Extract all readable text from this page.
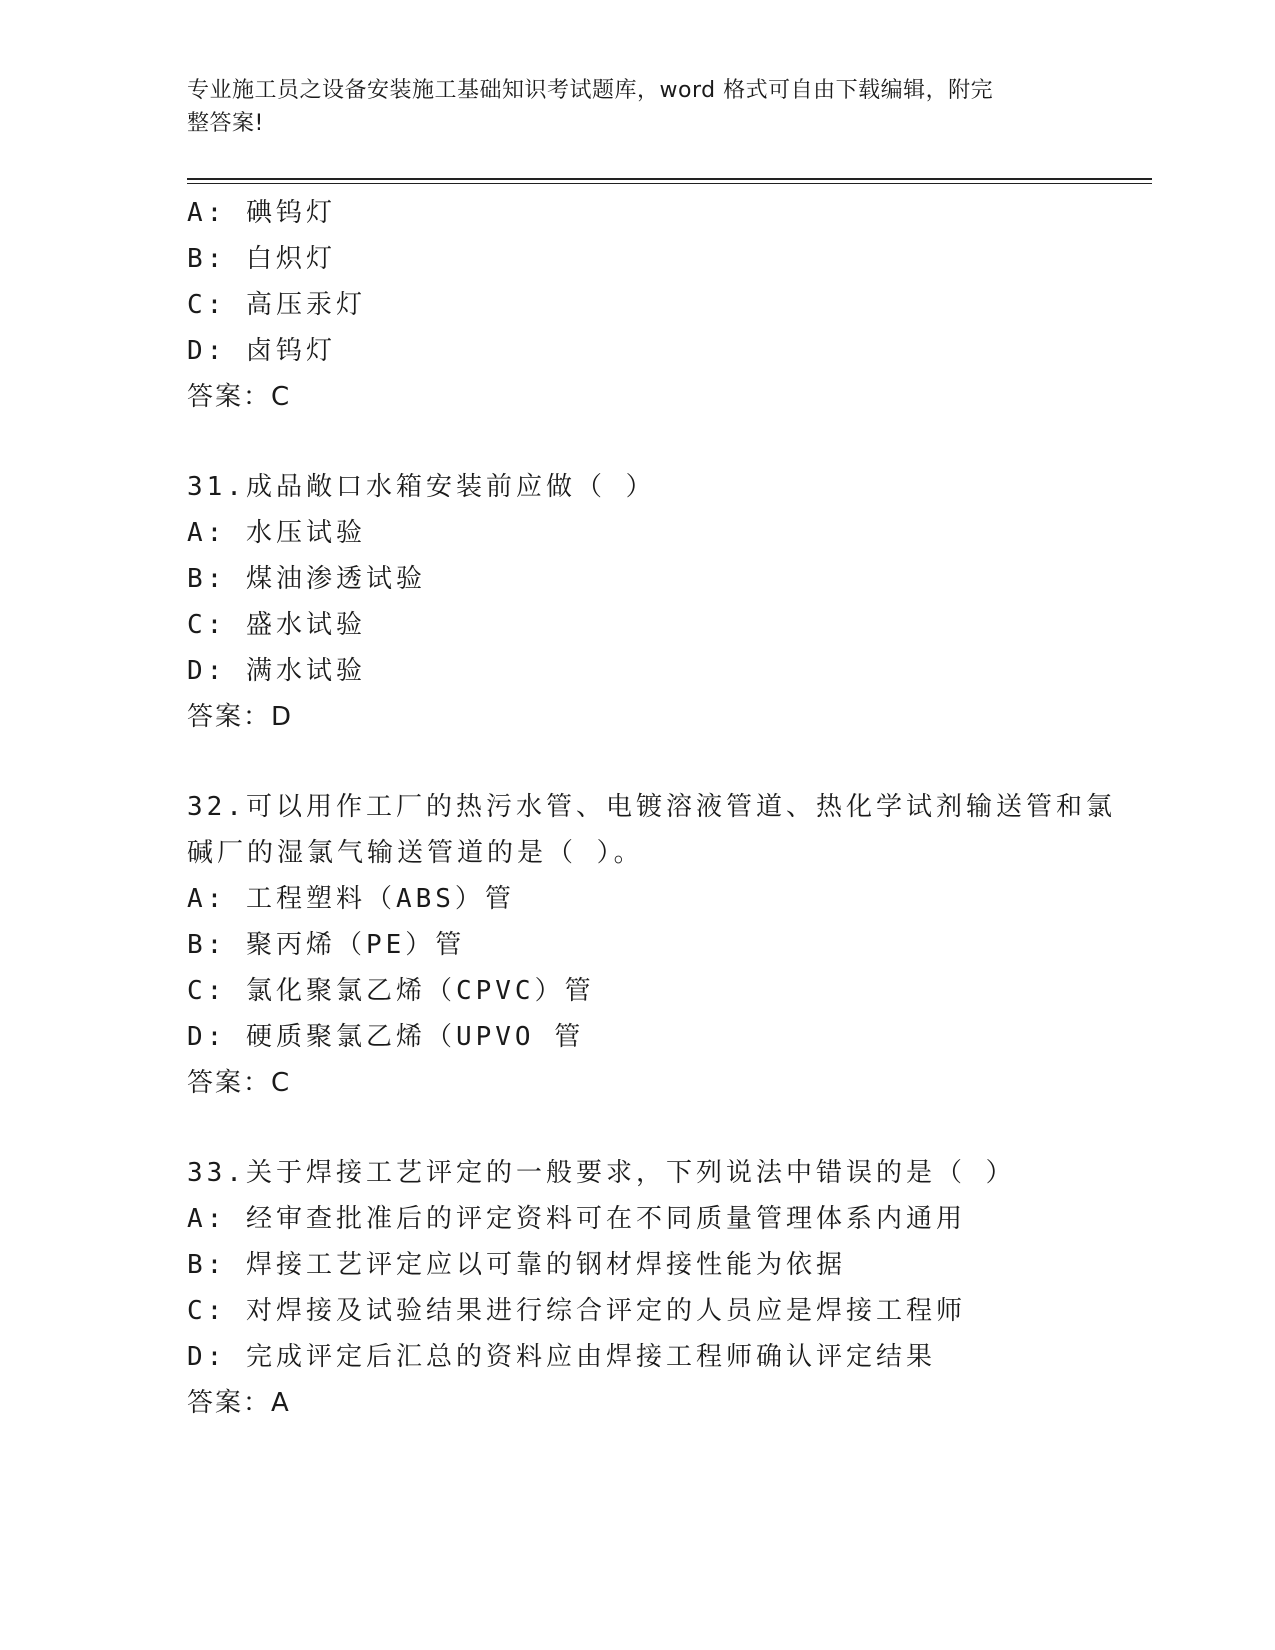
专业施工员之设备安装施工基础知识考试题库，word 格式可自由下载编辑，附完
整答案!
A: 碘钨灯
B: 白炽灯
C: 高压汞灯
D: 卤钨灯
答案：C
31.成品敞口水箱安装前应做（ ）
A: 水压试验
B: 煤油渗透试验
C: 盛水试验
D: 满水试验
答案：D
32.可以用作工厂的热污水管、电镀溶液管道、热化学试剂输送管和氯
碱厂的湿氯气输送管道的是（ ）。
A: 工程塑料（ABS）管
B: 聚丙烯（PE）管
C: 氯化聚氯乙烯（CPVC）管
D: 硬质聚氯乙烯（UPVO 管
答案：C
33.关于焊接工艺评定的一般要求，下列说法中错误的是（ ）
A: 经审查批准后的评定资料可在不同质量管理体系内通用
B: 焊接工艺评定应以可靠的钢材焊接性能为依据
C: 对焊接及试验结果进行综合评定的人员应是焊接工程师
D: 完成评定后汇总的资料应由焊接工程师确认评定结果
答案：A
